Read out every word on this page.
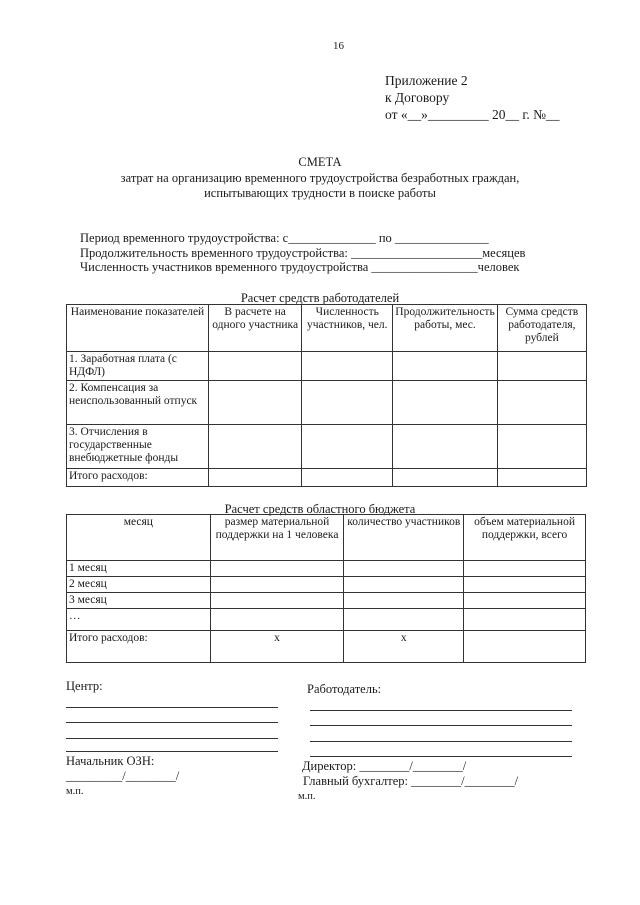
16
Приложение 2
к Договору
от «__»_________ 20__ г. №__
СМЕТА
затрат на организацию временного трудоустройства безработных граждан,
испытывающих трудности в поиске работы
Период временного трудоустройства: с______________ по _______________
Продолжительность временного трудоустройства: _____________________месяцев
Численность участников временного трудоустройства _________________человек
Расчет средств работодателей
Наименование показателей	В расчете на одного участника	Численность участников, чел.	Продолжительность работы, мес.	Сумма средств работодателя, рублей
1. Заработная плата (с НДФЛ)				
2. Компенсация за неиспользованный отпуск				
3. Отчисления в государственные внебюджетные фонды				
Итого расходов:				
Расчет средств областного бюджета
месяц	размер материальной поддержки на 1 человека	количество участников	объем материальной поддержки, всего
1 месяц			
2 месяц			
3 месяц			
…			
Итого расходов:	х	х	
Центр:	Работодатель:
Начальник ОЗН:
_________/________/
м.п.
Директор: ________/________/
Главный бухгалтер: ________/________/
м.п.
